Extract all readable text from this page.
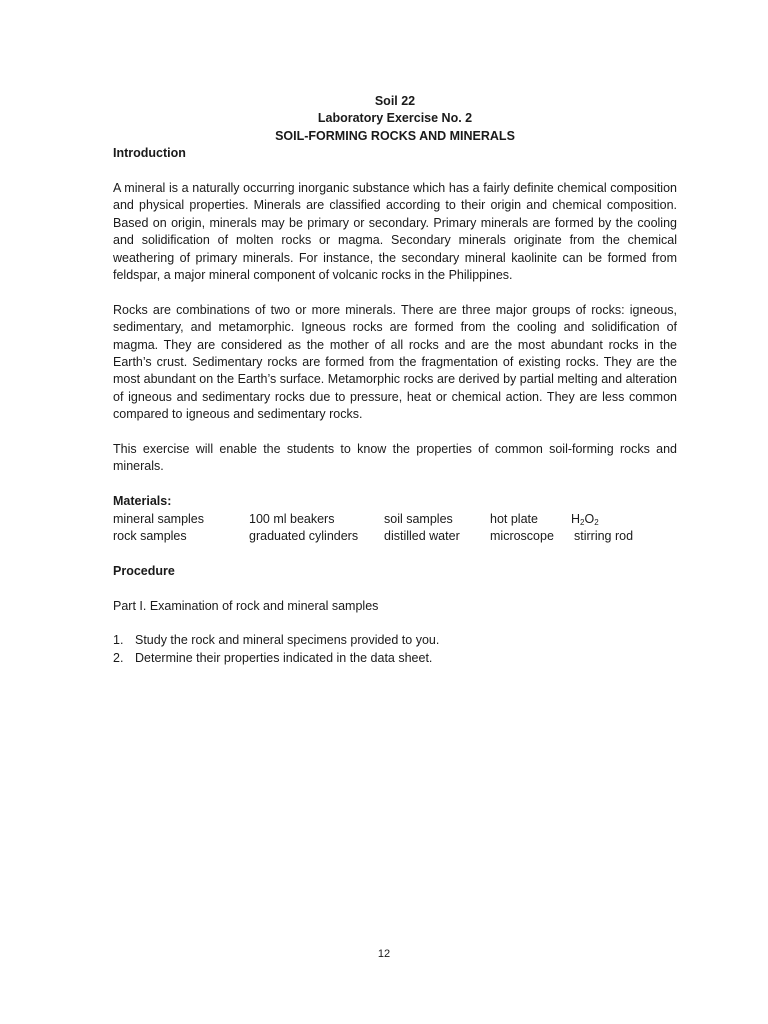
Soil 22
Laboratory Exercise No. 2
SOIL-FORMING ROCKS AND MINERALS
Introduction

A mineral is a naturally occurring inorganic substance which has a fairly definite chemical composition and physical properties. Minerals are classified according to their origin and chemical composition. Based on origin, minerals may be primary or secondary. Primary minerals are formed by the cooling and solidification of molten rocks or magma. Secondary minerals originate from the chemical weathering of primary minerals. For instance, the secondary mineral kaolinite can be formed from feldspar, a major mineral component of volcanic rocks in the Philippines.

Rocks are combinations of two or more minerals. There are three major groups of rocks: igneous, sedimentary, and metamorphic. Igneous rocks are formed from the cooling and solidification of magma. They are considered as the mother of all rocks and are the most abundant rocks in the Earth’s crust. Sedimentary rocks are formed from the fragmentation of existing rocks. They are the most abundant on the Earth’s surface. Metamorphic rocks are derived by partial melting and alteration of igneous and sedimentary rocks due to pressure, heat or chemical action. They are less common compared to igneous and sedimentary rocks.

This exercise will enable the students to know the properties of common soil-forming rocks and minerals.

Materials:
mineral samples	100 ml beakers	soil samples	hot plate	$H_2O_2$
rock samples	graduated cylinders	distilled water	microscope	stirring rod
Procedure
Part I. Examination of rock and mineral samples
1. Study the rock and mineral specimens provided to you.
2. Determine their properties indicated in the data sheet.
12
